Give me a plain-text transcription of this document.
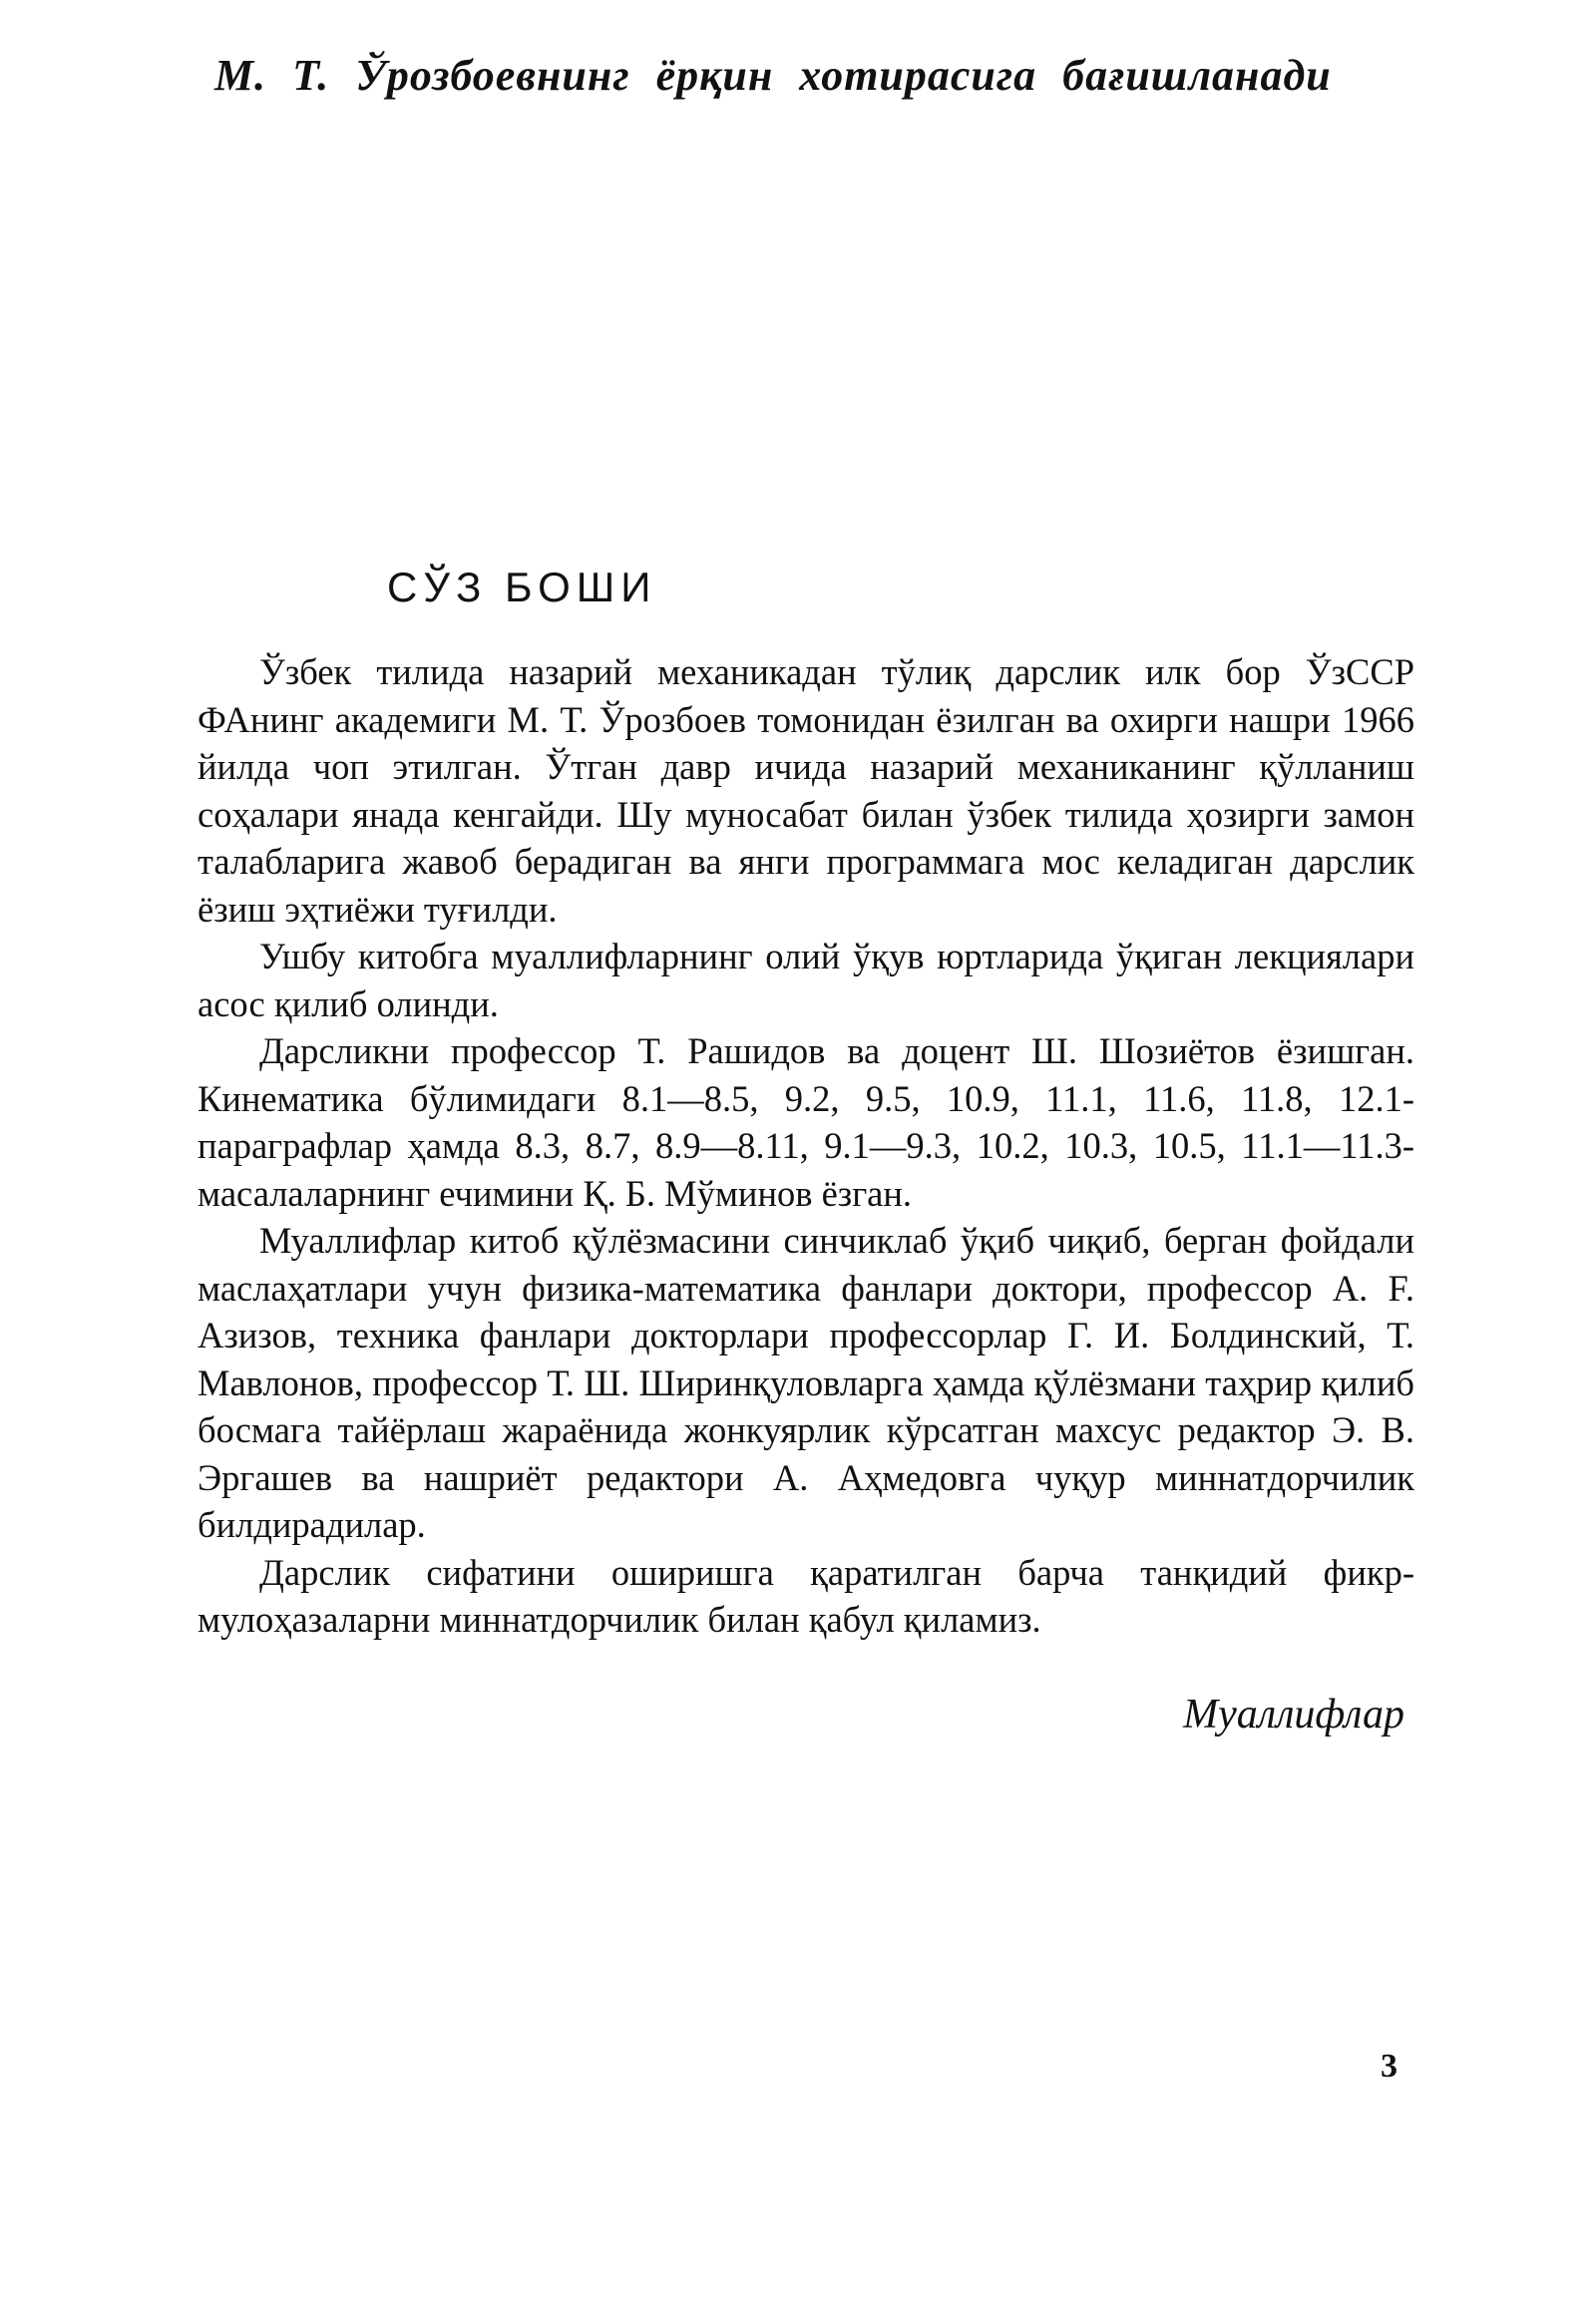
М. Т. Ўрозбоевнинг ёрқин хотирасига бағишланади
СЎЗ БОШИ

Ўзбек тилида назарий механикадан тўлиқ дарслик илк бор ЎзССР ФАнинг академиги М. Т. Ўрозбоев томонидан ёзилган ва охирги нашри 1966 йилда чоп этилган. Ўтган давр ичида назарий механиканинг қўлланиш соҳалари янада кенгайди. Шу муносабат билан ўзбек тилида ҳозирги замон талабларига жавоб берадиган ва янги программага мос келадиган дарслик ёзиш эҳтиёжи туғилди.

Ушбу китобга муаллифларнинг олий ўқув юртларида ўқиган лекциялари асос қилиб олинди.

Дарсликни профессор Т. Рашидов ва доцент Ш. Шозиётов ёзишган. Кинематика бўлимидаги 8.1—8.5, 9.2, 9.5, 10.9, 11.1, 11.6, 11.8, 12.1-параграфлар ҳамда 8.3, 8.7, 8.9—8.11, 9.1—9.3, 10.2, 10.3, 10.5, 11.1—11.3-масалаларнинг ечимини Қ. Б. Мўминов ёзган.

Муаллифлар китоб қўлёзмасини синчиклаб ўқиб чиқиб, берган фойдали маслаҳатлари учун физика-математика фанлари доктори, профессор А. F. Азизов, техника фанлари докторлари профессорлар Г. И. Болдинский, Т. Мавлонов, профессор Т. Ш. Ширинқуловларга ҳамда қўлёзмани таҳрир қилиб босмага тайёрлаш жараёнида жонкуярлик кўрсатган махсус редактор Э. В. Эргашев ва нашриёт редактори А. Аҳмедовга чуқур миннатдорчилик билдирадилар.

Дарслик сифатини оширишга қаратилган барча танқидий фикр-мулоҳазаларни миннатдорчилик билан қабул қиламиз.

Муаллифлар
3
